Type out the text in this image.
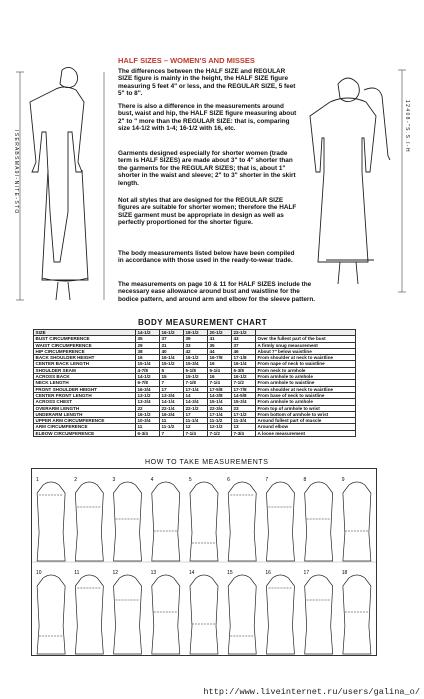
I S E R A B S M A 9 I - N I T E - S T O
1 2 4 0 8 - " S . S . I - H
HALF SIZES – WOMEN'S AND MISSES
The differences between the HALF SIZE and REGULAR SIZE figure is mainly in the height, the HALF SIZE figure measuring 5 feet 4" or less, and the REGULAR SIZE, 5 feet 5" to 8".
There is also a difference in the measurements around bust, waist and hip, the HALF SIZE figure measuring about 2" to " more than the REGULAR SIZE: that is, comparing size 14-1/2 with 1-4; 16-1/2 with 16, etc.
Garments designed especially for shorter women (trade term is HALF SIZES) are made about 3" to 4" shorter than the garments for the REGULAR SIZES; that is, about 1" shorter in the waist and sleeve; 2" to 3" shorter in the skirt length.
Not all styles that are designed for the REGULAR SIZE figures are suitable for shorter women; therefore the HALF SIZE garment must be appropriate in design as well as perfectly proportioned for the shorter figure.
The body measurements listed below have been compiled in accordance with those used in the ready-to-wear trade.
The measurements on page 10 & 11 for HALF SIZES include the necessary ease allowance around bust and waistline for the bodice pattern, and around arm and elbow for the sleeve pattern.
BODY MEASUREMENT CHART
SIZE	14-1/2	16-1/2	18-1/2	20-1/2	22-1/2	
BUST CIRCUMFERENCE	35	37	39	41	43	Over the fullest part of the bust
WAIST CIRCUMFERENCE	29	31	33	35	37	A firmly snug measurement
HIP CIRCUMFERENCE	38	40	42	44	46	About 7" below waistline
BACK SHOULDER HEIGHT	16	16-1/4	16-1/2	16-7/8	17-1/8	From shoulder at neck to waistline
CENTER BACK LENGTH	15-1/4	15-1/2	15-3/4	16	16-1/4	From nape of neck to waistline
SHOULDER SEAM	4-7/8	5	5-1/8	5-1/4	5-3/8	From neck to armhole
ACROSS BACK	14-1/2	15	15-1/2	16	16-1/2	From armhole to armhole
NECK LENGTH	6-7/8	7	7-1/8	7-1/4	7-1/2	From armhole to waistline
FRONT SHOULDER HEIGHT	16-3/4	17	17-1/4	17-5/8	17-7/8	From shoulder at neck to waistline
CENTER FRONT LENGTH	13-1/2	13-3/4	14	14-3/8	14-5/8	From base of neck to waistline
ACROSS CHEST	13-3/4	14-1/4	14-3/4	15-1/4	15-3/4	From armhole to armhole
OVERARM LENGTH	22	22-1/4	22-1/2	22-3/4	23	From top of armhole to wrist
UNDERARM LENGTH	16-1/2	16-3/4	17	17-1/4	17-1/2	From bottom of armhole to wrist
UPPER ARM CIRCUMFERENCE	10-3/4	11	11-1/4	11-1/2	11-3/4	Around fullest part of muscle
ARM CIRCUMFERENCE	11	11-1/2	12	12-1/2	13	Around elbow
ELBOW CIRCUMFERENCE	6-3/4	7	7-1/4	7-1/2	7-3/4	A loose measurement
HOW TO TAKE MEASUREMENTS
1	2	3	4	5	6	7	8	9
10	11	12	13	14	15	16	17	18
http://www.liveinternet.ru/users/galina_o/
